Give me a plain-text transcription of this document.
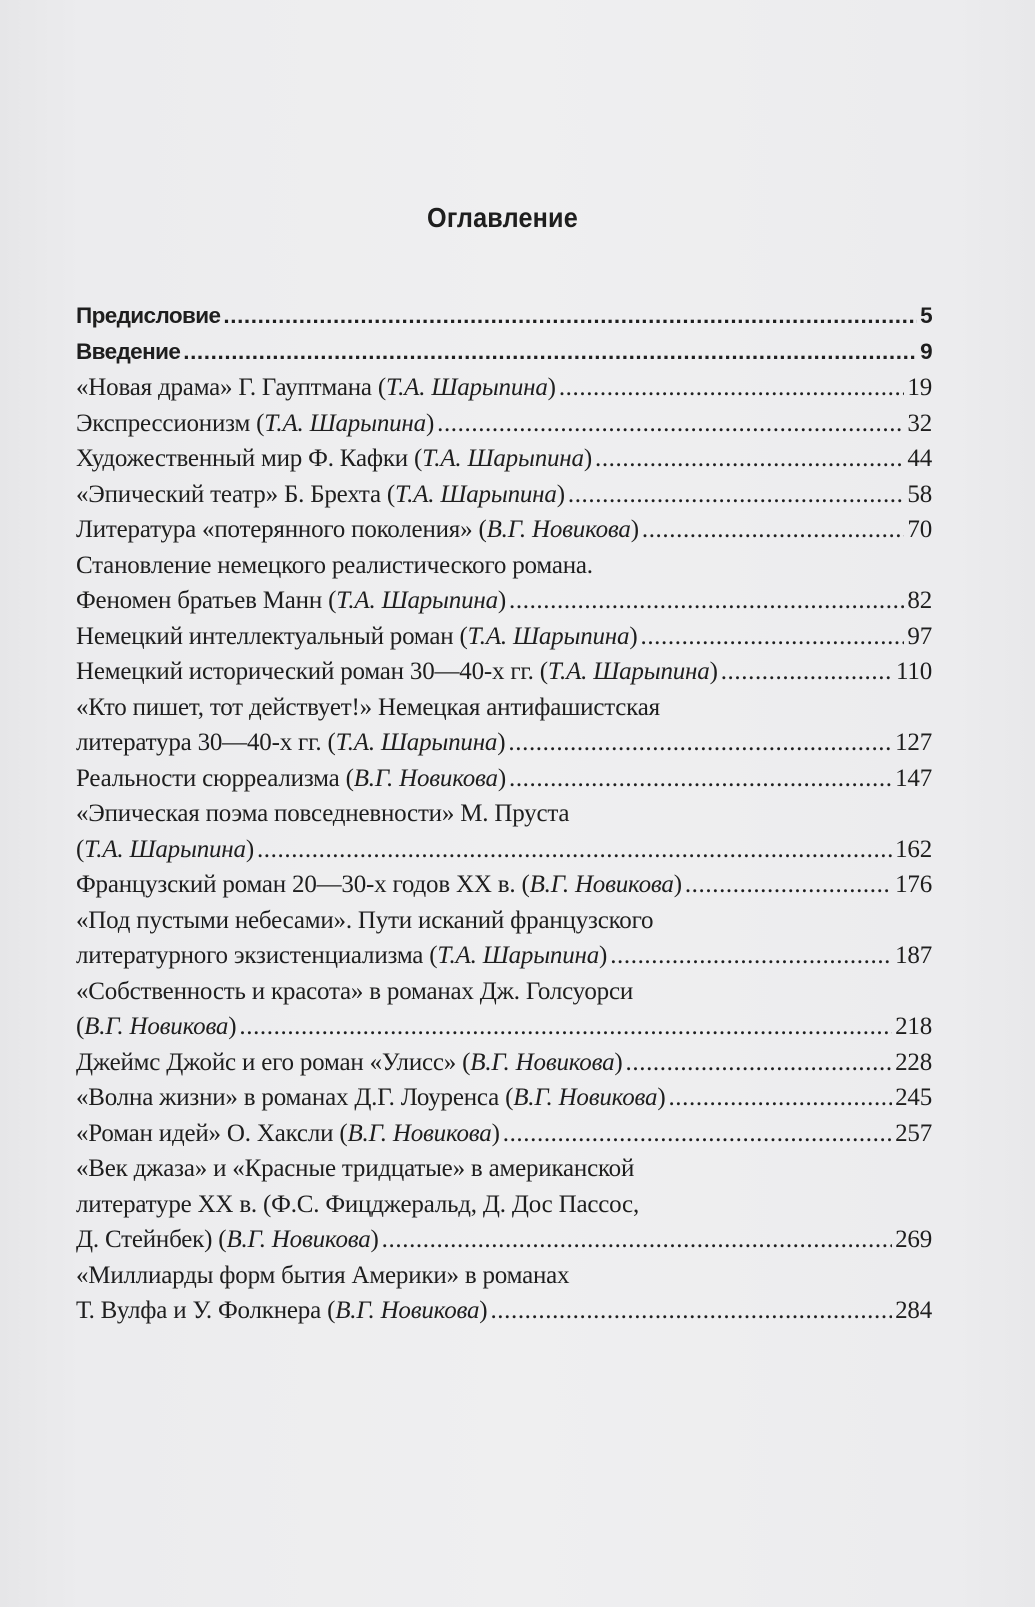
Оглавление
Предисловие .....	5
Введение .....	9
«Новая драма» Г. Гауптмана (Т.А. Шарыпина) .....	19
Экспрессионизм (Т.А. Шарыпина) .....	32
Художественный мир Ф. Кафки (Т.А. Шарыпина) .....	44
«Эпический театр» Б. Брехта (Т.А. Шарыпина) .....	58
Литература «потерянного поколения» (В.Г. Новикова) .....	70
Становление немецкого реалистического романа.
Феномен братьев Манн (Т.А. Шарыпина) .....	82
Немецкий интеллектуальный роман (Т.А. Шарыпина) .....	97
Немецкий исторический роман 30—40-х гг. (Т.А. Шарыпина) .....	110
«Кто пишет, тот действует!» Немецкая антифашистская
литература 30—40-х гг. (Т.А. Шарыпина) .....	127
Реальности сюрреализма (В.Г. Новикова) .....	147
«Эпическая поэма повседневности» М. Пруста
(Т.А. Шарыпина) .....	162
Французский роман 20—30-х годов XX в. (В.Г. Новикова) .....	176
«Под пустыми небесами». Пути исканий французского
литературного экзистенциализма (Т.А. Шарыпина) .....	187
«Собственность и красота» в романах Дж. Голсуорси
(В.Г. Новикова) .....	218
Джеймс Джойс и его роман «Улисс» (В.Г. Новикова) .....	228
«Волна жизни» в романах Д.Г. Лоуренса (В.Г. Новикова) .....	245
«Роман идей» О. Хаксли (В.Г. Новикова) .....	257
«Век джаза» и «Красные тридцатые» в американской
литературе XX в. (Ф.С. Фицджеральд, Д. Дос Пассос,
Д. Стейнбек) (В.Г. Новикова) .....	269
«Миллиарды форм бытия Америки» в романах
Т. Вулфа и У. Фолкнера (В.Г. Новикова) .....	284
